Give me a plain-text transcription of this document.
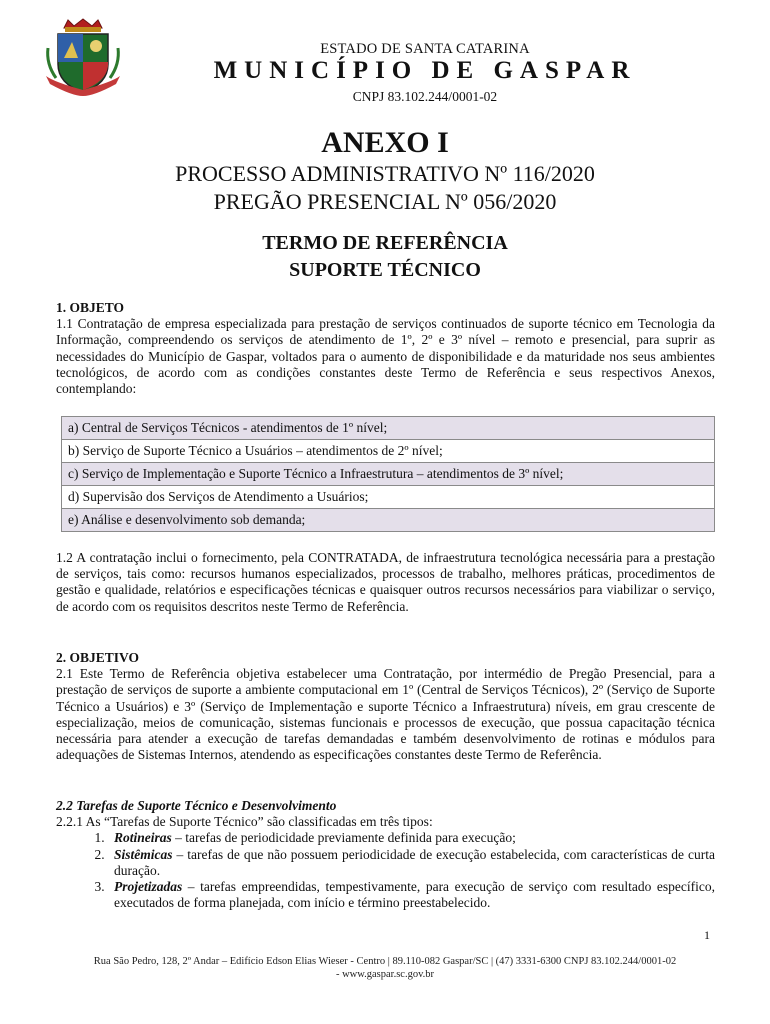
ESTADO DE SANTA CATARINA
MUNICÍPIO DE GASPAR
CNPJ 83.102.244/0001-02
ANEXO I
PROCESSO ADMINISTRATIVO Nº 116/2020
PREGÃO PRESENCIAL Nº 056/2020
TERMO DE REFERÊNCIA
SUPORTE TÉCNICO
1. OBJETO
1.1 Contratação de empresa especializada para prestação de serviços continuados de suporte técnico em Tecnologia da Informação, compreendendo os serviços de atendimento de 1º, 2º e 3º nível – remoto e presencial, para suprir as necessidades do Município de Gaspar, voltados para o aumento de disponibilidade e da maturidade nos seus ambientes tecnológicos, de acordo com as condições constantes deste Termo de Referência e seus respectivos Anexos, contemplando:
a) Central de Serviços Técnicos - atendimentos de 1º nível;
b) Serviço de Suporte Técnico a Usuários – atendimentos de 2º nível;
c) Serviço de Implementação e Suporte Técnico a Infraestrutura – atendimentos de 3º nível;
d) Supervisão dos Serviços de Atendimento a Usuários;
e) Análise e desenvolvimento sob demanda;
1.2 A contratação inclui o fornecimento, pela CONTRATADA, de infraestrutura tecnológica necessária para a prestação de serviços, tais como: recursos humanos especializados, processos de trabalho, melhores práticas, procedimentos de gestão e qualidade, relatórios e especificações técnicas e quaisquer outros recursos necessários para viabilizar o serviço, de acordo com os requisitos descritos neste Termo de Referência.
2. OBJETIVO
2.1 Este Termo de Referência objetiva estabelecer uma Contratação, por intermédio de Pregão Presencial, para a prestação de serviços de suporte a ambiente computacional em 1º (Central de Serviços Técnicos), 2º (Serviço de Suporte Técnico a Usuários) e 3º (Serviço de Implementação e suporte Técnico a Infraestrutura) níveis, em grau crescente de especialização, meios de comunicação, sistemas funcionais e processos de execução, que possua capacitação técnica necessária para atender a execução de tarefas demandadas e também desenvolvimento de rotinas e módulos para adequações de Sistemas Internos, atendendo as especificações constantes deste Termo de Referência.
2.2 Tarefas de Suporte Técnico e Desenvolvimento
2.2.1 As “Tarefas de Suporte Técnico” são classificadas em três tipos:
1. Rotineiras – tarefas de periodicidade previamente definida para execução;
2. Sistêmicas – tarefas de que não possuem periodicidade de execução estabelecida, com características de curta duração.
3. Projetizadas – tarefas empreendidas, tempestivamente, para execução de serviço com resultado específico, executados de forma planejada, com início e término preestabelecido.
1
Rua São Pedro, 128, 2º Andar – Edifício Edson Elias Wieser - Centro | 89.110-082 Gaspar/SC | (47) 3331-6300 CNPJ 83.102.244/0001-02
- www.gaspar.sc.gov.br
